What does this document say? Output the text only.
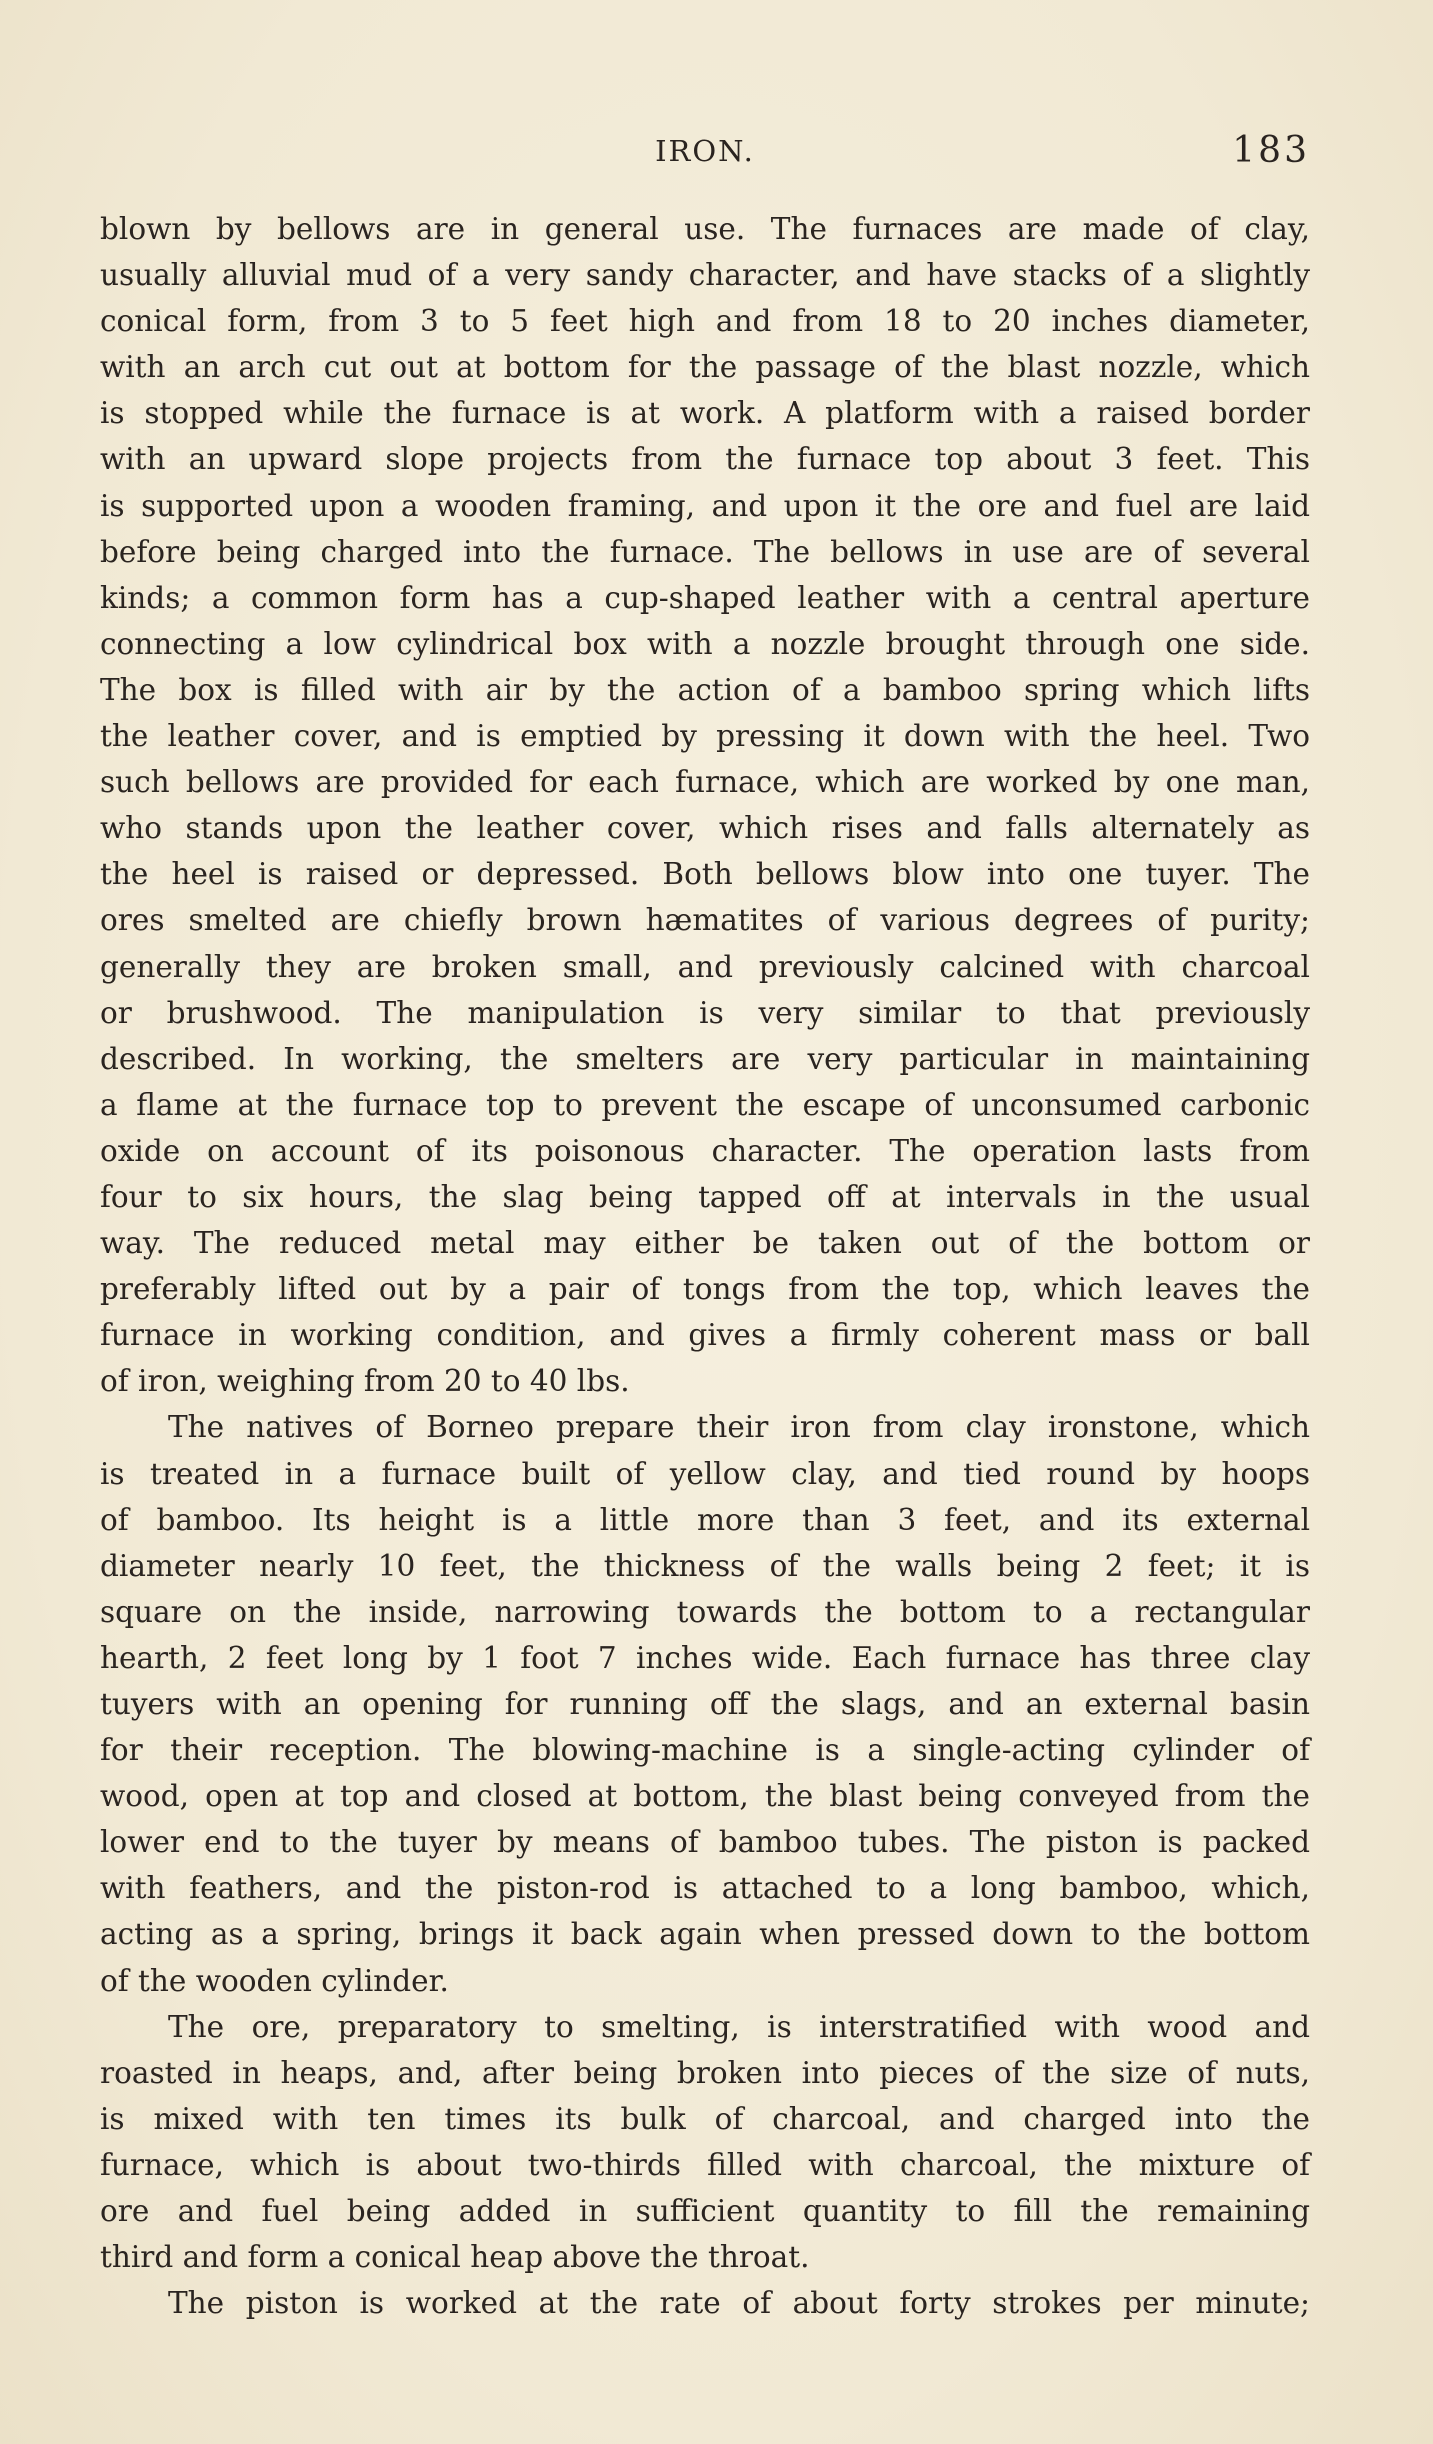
IRON.	183
blown by bellows are in general use. The furnaces are made of clay,
usually alluvial mud of a very sandy character, and have stacks of a slightly
conical form, from 3 to 5 feet high and from 18 to 20 inches diameter,
with an arch cut out at bottom for the passage of the blast nozzle, which
is stopped while the furnace is at work. A platform with a raised border
with an upward slope projects from the furnace top about 3 feet. This
is supported upon a wooden framing, and upon it the ore and fuel are laid
before being charged into the furnace. The bellows in use are of several
kinds; a common form has a cup-shaped leather with a central aperture
connecting a low cylindrical box with a nozzle brought through one side.
The box is filled with air by the action of a bamboo spring which lifts
the leather cover, and is emptied by pressing it down with the heel. Two
such bellows are provided for each furnace, which are worked by one man,
who stands upon the leather cover, which rises and falls alternately as
the heel is raised or depressed. Both bellows blow into one tuyer. The
ores smelted are chiefly brown hæmatites of various degrees of purity;
generally they are broken small, and previously calcined with charcoal
or brushwood. The manipulation is very similar to that previously
described. In working, the smelters are very particular in maintaining
a flame at the furnace top to prevent the escape of unconsumed carbonic
oxide on account of its poisonous character. The operation lasts from
four to six hours, the slag being tapped off at intervals in the usual
way. The reduced metal may either be taken out of the bottom or
preferably lifted out by a pair of tongs from the top, which leaves the
furnace in working condition, and gives a firmly coherent mass or ball
of iron, weighing from 20 to 40 lbs.
The natives of Borneo prepare their iron from clay ironstone, which
is treated in a furnace built of yellow clay, and tied round by hoops
of bamboo. Its height is a little more than 3 feet, and its external
diameter nearly 10 feet, the thickness of the walls being 2 feet; it is
square on the inside, narrowing towards the bottom to a rectangular
hearth, 2 feet long by 1 foot 7 inches wide. Each furnace has three clay
tuyers with an opening for running off the slags, and an external basin
for their reception. The blowing-machine is a single-acting cylinder of
wood, open at top and closed at bottom, the blast being conveyed from the
lower end to the tuyer by means of bamboo tubes. The piston is packed
with feathers, and the piston-rod is attached to a long bamboo, which,
acting as a spring, brings it back again when pressed down to the bottom
of the wooden cylinder.
The ore, preparatory to smelting, is interstratified with wood and
roasted in heaps, and, after being broken into pieces of the size of nuts,
is mixed with ten times its bulk of charcoal, and charged into the
furnace, which is about two-thirds filled with charcoal, the mixture of
ore and fuel being added in sufficient quantity to fill the remaining
third and form a conical heap above the throat.
The piston is worked at the rate of about forty strokes per minute;
